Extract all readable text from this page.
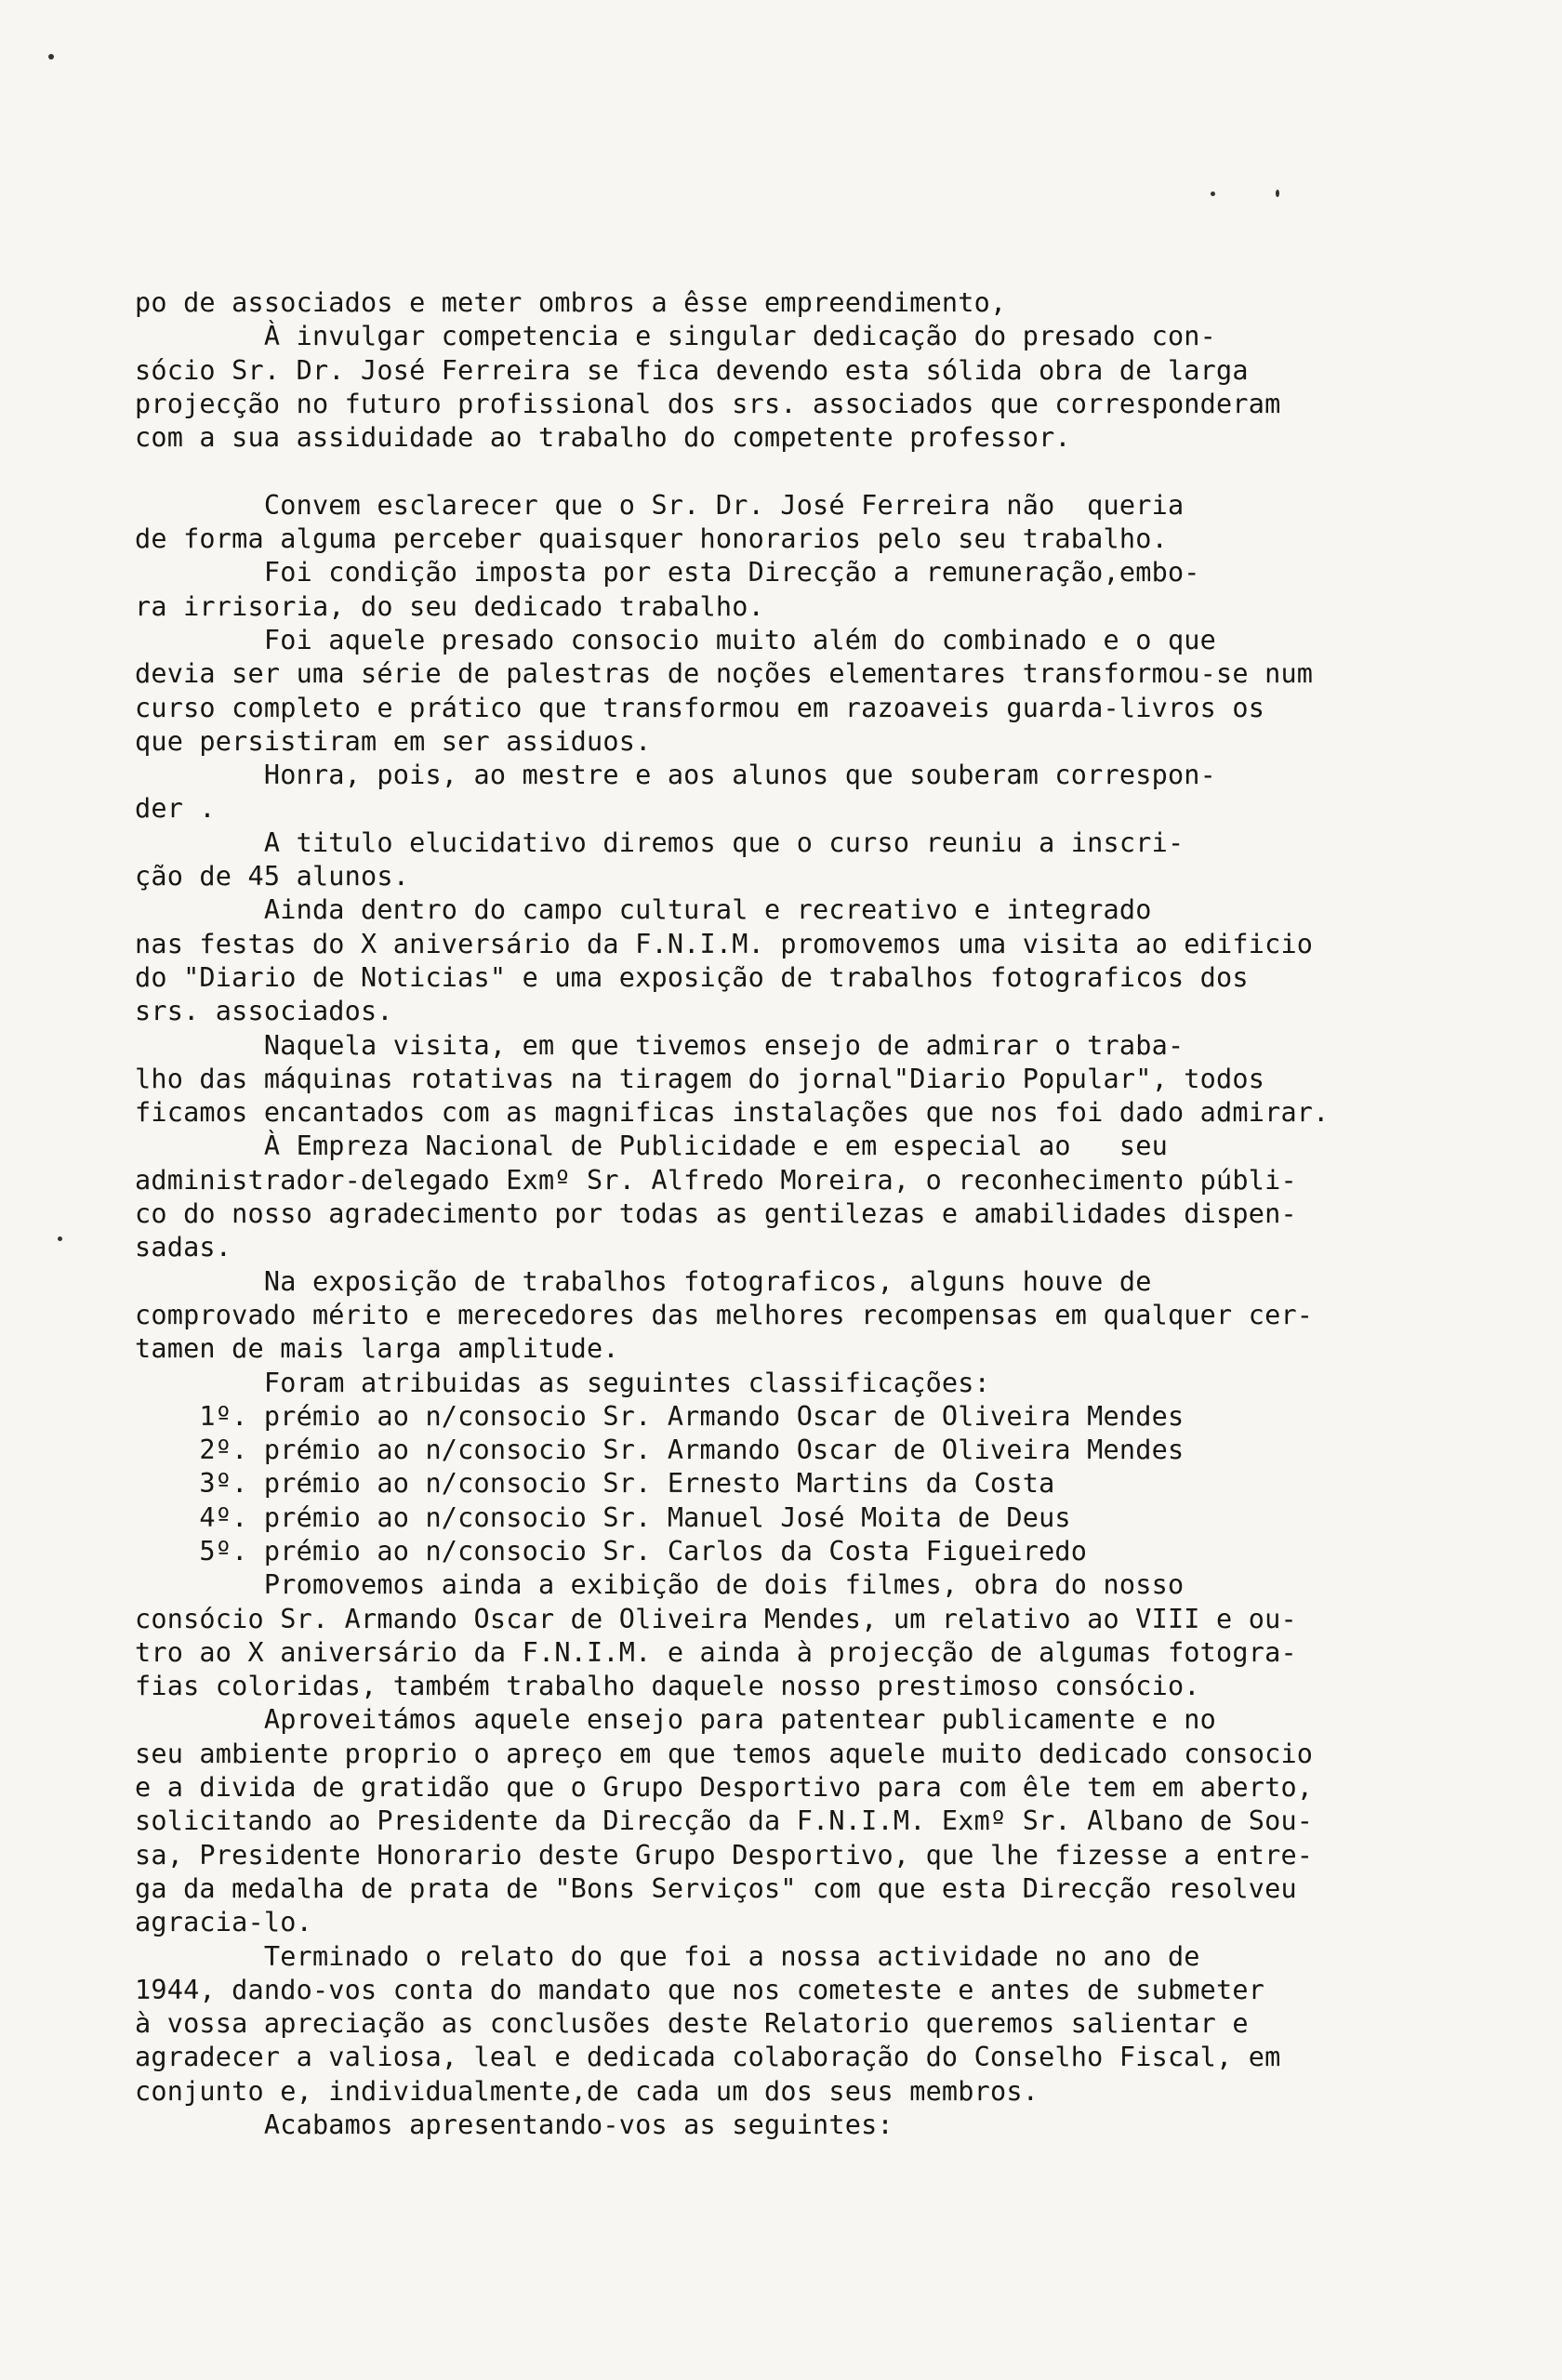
po de associados e meter ombros a êsse empreendimento,
À invulgar competencia e singular dedicação do presado con-
sócio Sr. Dr. José Ferreira se fica devendo esta sólida obra de larga
projecção no futuro profissional dos srs. associados que corresponderam
com a sua assiduidade ao trabalho do competente professor.
Convem esclarecer que o Sr. Dr. José Ferreira não  queria
de forma alguma perceber quaisquer honorarios pelo seu trabalho.
Foi condição imposta por esta Direcção a remuneração,embo-
ra irrisoria, do seu dedicado trabalho.
Foi aquele presado consocio muito além do combinado e o que
devia ser uma série de palestras de noções elementares transformou-se num
curso completo e prático que transformou em razoaveis guarda-livros os
que persistiram em ser assiduos.
Honra, pois, ao mestre e aos alunos que souberam correspon-
der .
A titulo elucidativo diremos que o curso reuniu a inscri-
ção de 45 alunos.
Ainda dentro do campo cultural e recreativo e integrado
nas festas do X aniversário da F.N.I.M. promovemos uma visita ao edificio
do "Diario de Noticias" e uma exposição de trabalhos fotograficos dos
srs. associados.
Naquela visita, em que tivemos ensejo de admirar o traba-
lho das máquinas rotativas na tiragem do jornal"Diario Popular", todos
ficamos encantados com as magnificas instalações que nos foi dado admirar.
À Empreza Nacional de Publicidade e em especial ao   seu
administrador-delegado Exmº Sr. Alfredo Moreira, o reconhecimento públi-
co do nosso agradecimento por todas as gentilezas e amabilidades dispen-
sadas.
Na exposição de trabalhos fotograficos, alguns houve de
comprovado mérito e merecedores das melhores recompensas em qualquer cer-
tamen de mais larga amplitude.
Foram atribuidas as seguintes classificações:
1º. prémio ao n/consocio Sr. Armando Oscar de Oliveira Mendes
2º. prémio ao n/consocio Sr. Armando Oscar de Oliveira Mendes
3º. prémio ao n/consocio Sr. Ernesto Martins da Costa
4º. prémio ao n/consocio Sr. Manuel José Moita de Deus
5º. prémio ao n/consocio Sr. Carlos da Costa Figueiredo
Promovemos ainda a exibição de dois filmes, obra do nosso
consócio Sr. Armando Oscar de Oliveira Mendes, um relativo ao VIII e ou-
tro ao X aniversário da F.N.I.M. e ainda à projecção de algumas fotogra-
fias coloridas, também trabalho daquele nosso prestimoso consócio.
Aproveitámos aquele ensejo para patentear publicamente e no
seu ambiente proprio o apreço em que temos aquele muito dedicado consocio
e a divida de gratidão que o Grupo Desportivo para com êle tem em aberto,
solicitando ao Presidente da Direcção da F.N.I.M. Exmº Sr. Albano de Sou-
sa, Presidente Honorario deste Grupo Desportivo, que lhe fizesse a entre-
ga da medalha de prata de "Bons Serviços" com que esta Direcção resolveu
agracia-lo.
Terminado o relato do que foi a nossa actividade no ano de
1944, dando-vos conta do mandato que nos cometeste e antes de submeter
à vossa apreciação as conclusões deste Relatorio queremos salientar e
agradecer a valiosa, leal e dedicada colaboração do Conselho Fiscal, em
conjunto e, individualmente,de cada um dos seus membros.
Acabamos apresentando-vos as seguintes:
